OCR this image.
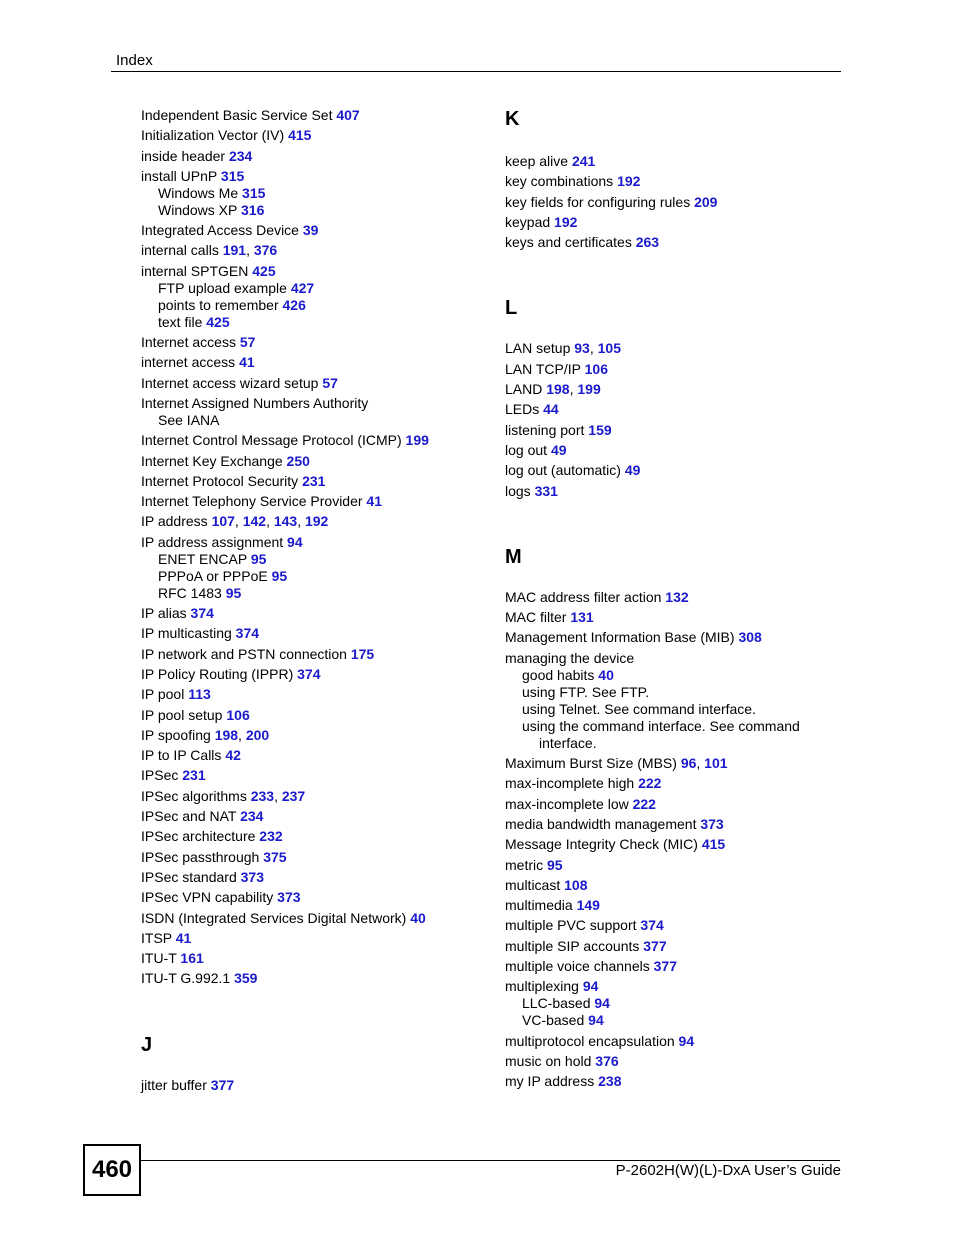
Index
Independent Basic Service Set 407
Initialization Vector (IV) 415
inside header 234
install UPnP 315
Windows Me 315
Windows XP 316
Integrated Access Device 39
internal calls 191, 376
internal SPTGEN 425
FTP upload example 427
points to remember 426
text file 425
Internet access 57
internet access 41
Internet access wizard setup 57
Internet Assigned Numbers Authority
See IANA
Internet Control Message Protocol (ICMP) 199
Internet Key Exchange 250
Internet Protocol Security 231
Internet Telephony Service Provider 41
IP address 107, 142, 143, 192
IP address assignment 94
ENET ENCAP 95
PPPoA or PPPoE 95
RFC 1483 95
IP alias 374
IP multicasting 374
IP network and PSTN connection 175
IP Policy Routing (IPPR) 374
IP pool 113
IP pool setup 106
IP spoofing 198, 200
IP to IP Calls 42
IPSec 231
IPSec algorithms 233, 237
IPSec and NAT 234
IPSec architecture 232
IPSec passthrough 375
IPSec standard 373
IPSec VPN capability 373
ISDN (Integrated Services Digital Network) 40
ITSP 41
ITU-T 161
ITU-T G.992.1 359
J
jitter buffer 377
K
keep alive 241
key combinations 192
key fields for configuring rules 209
keypad 192
keys and certificates 263
L
LAN setup 93, 105
LAN TCP/IP 106
LAND 198, 199
LEDs 44
listening port 159
log out 49
log out (automatic) 49
logs 331
M
MAC address filter action 132
MAC filter 131
Management Information Base (MIB) 308
managing the device
good habits 40
using FTP. See FTP.
using Telnet. See command interface.
using the command interface. See command
interface.
Maximum Burst Size (MBS) 96, 101
max-incomplete high 222
max-incomplete low 222
media bandwidth management 373
Message Integrity Check (MIC) 415
metric 95
multicast 108
multimedia 149
multiple PVC support 374
multiple SIP accounts 377
multiple voice channels 377
multiplexing 94
LLC-based 94
VC-based 94
multiprotocol encapsulation 94
music on hold 376
my IP address 238
460	P-2602H(W)(L)-DxA User’s Guide
